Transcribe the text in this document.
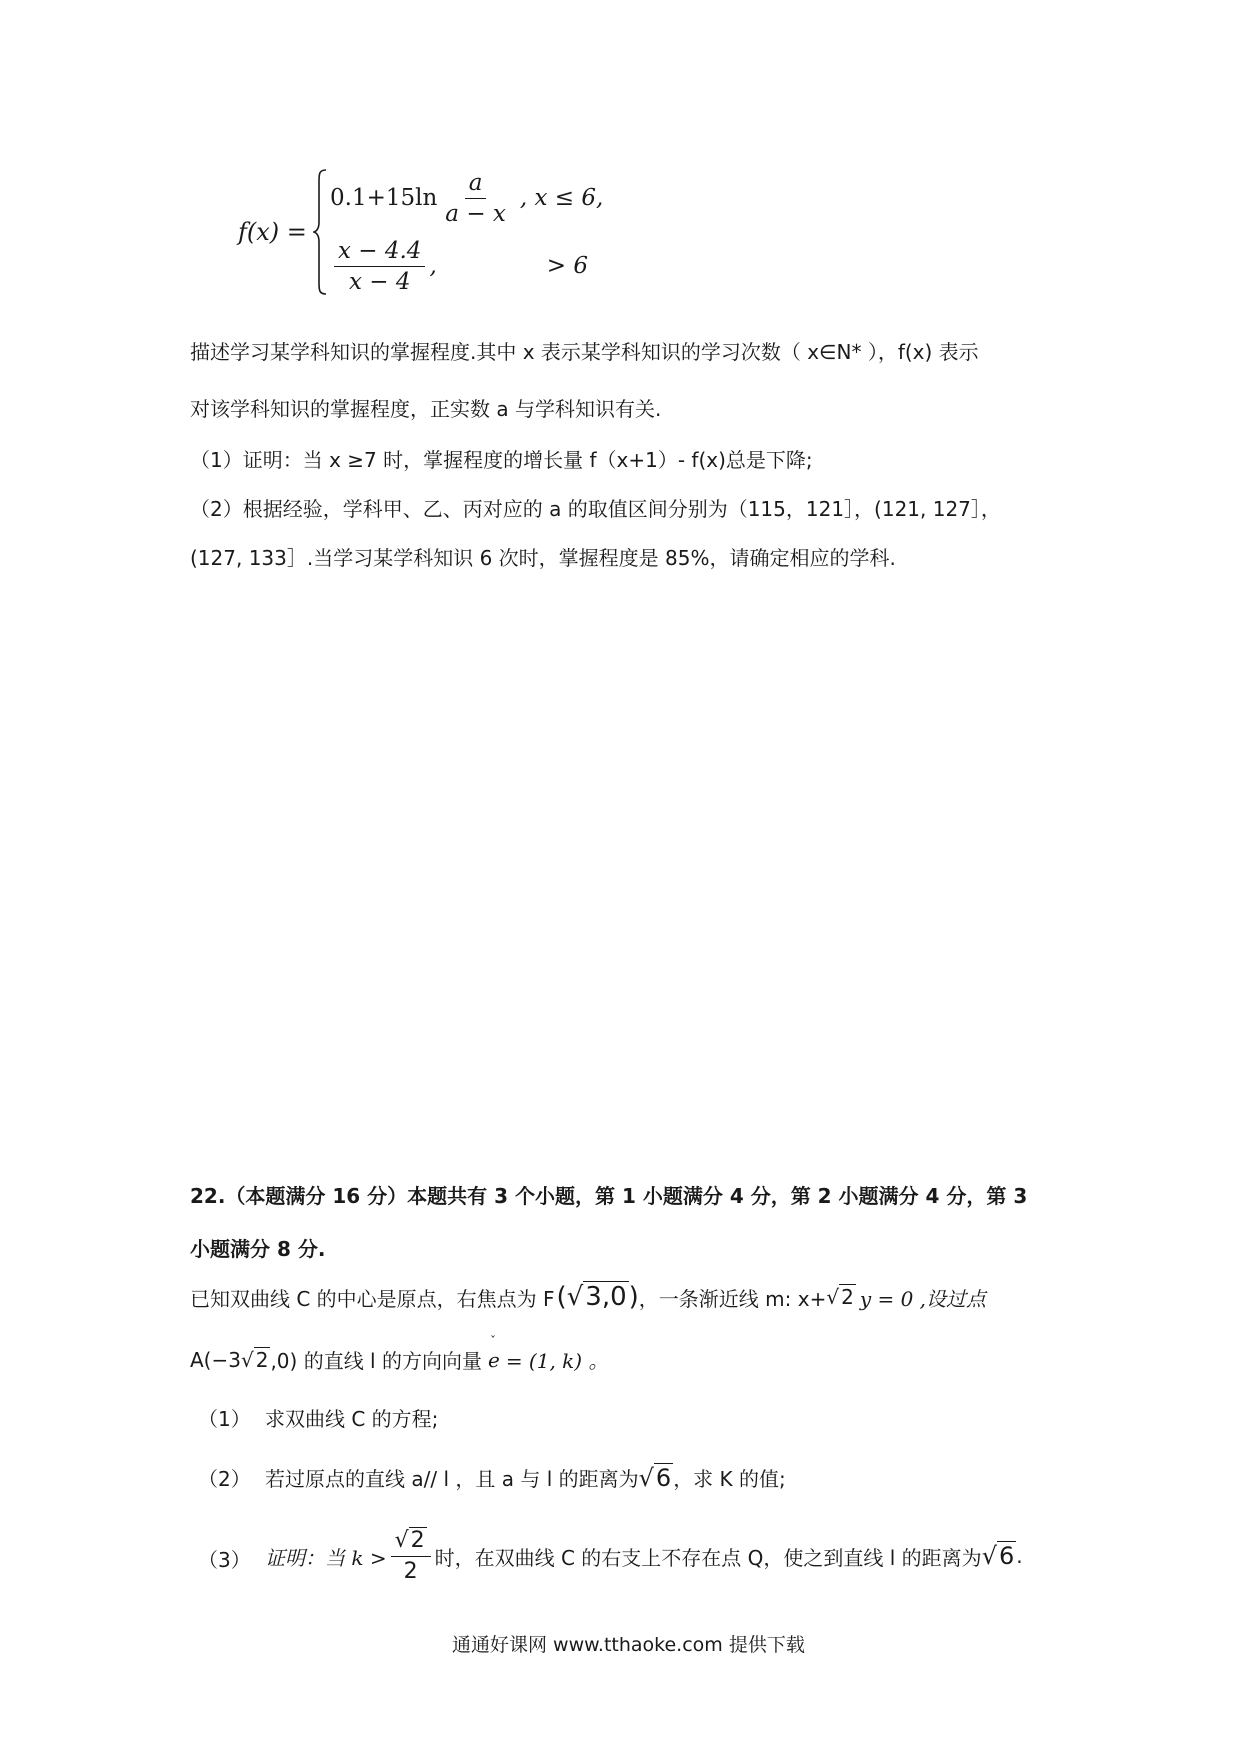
f(x) =
$0.1+15\ln \frac{a}{a - x}$ , x ≤ 6,
$\frac{x - 4.4}{x - 4}$ ,	> 6
描述学习某学科知识的掌握程度.其中 x 表示某学科知识的学习次数（ x∈N* ），f(x) 表示
对该学科知识的掌握程度，正实数 a 与学科知识有关.
（1）证明：当 x ≥7 时，掌握程度的增长量 f（x+1）- f(x)总是下降;
（2）根据经验，学科甲、乙、丙对应的 a 的取值区间分别为（115，121］，(121, 127］，
(127, 133］.当学习某学科知识 6 次时，掌握程度是 85%，请确定相应的学科.
22.（本题满分 16 分）本题共有 3 个小题，第 1 小题满分 4 分，第 2 小题满分 4 分，第 3
小题满分 8 分.
已知双曲线 C 的中心是原点，右焦点为 F (√3,0) ，一条渐近线 m: x+ √ 2 y = 0 ,设过点
A(−3 √ 2 ,0) 的直线 l 的方向向量
ˇ
e = (1, k) 。
（1） 求双曲线 C 的方程;
（2） 若过原点的直线 a// l ，且 a 与 l 的距离为 √6 ，求 K 的值;
（3） 证明：当 $k > \frac{√2}{2}$ 时，在双曲线 C 的右支上不存在点 Q，使之到直线 l 的距离为 √6 .
通通好课网 www.tthaoke.com 提供下载
